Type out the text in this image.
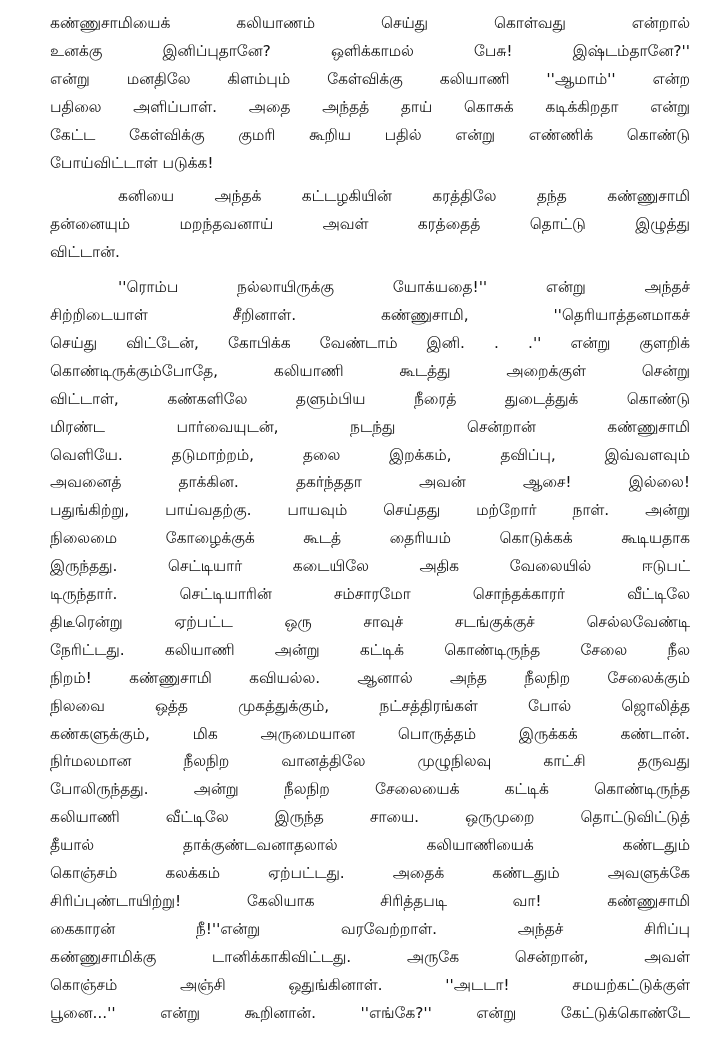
கண்ணுசாமியைக் கலியாணம் செய்து கொள்வது என்றால்
உனக்கு இனிப்புதானே? ஒளிக்காமல் பேசு! இஷ்டம்தானே?''
என்று மனதிலே கிளம்பும் கேள்விக்கு கலியாணி ''ஆமாம்'' என்ற
பதிலை அளிப்பாள். அதை அந்தத் தாய் கொசுக் கடிக்கிறதா என்று
கேட்ட கேள்விக்கு குமரி கூறிய பதில் என்று எண்ணிக் கொண்டு
போய்விட்டாள் படுக்க!
கனியை அந்தக் கட்டழகியின் கரத்திலே தந்த கண்ணுசாமி
தன்னையும் மறந்தவனாய் அவள் கரத்தைத் தொட்டு இழுத்து
விட்டான்.
''ரொம்ப நல்லாயிருக்கு யோக்யதை!'' என்று அந்தச்
சிற்றிடையாள் சீறினாள். கண்ணுசாமி, ''தெரியாத்தனமாகச்
செய்து விட்டேன், கோபிக்க வேண்டாம் இனி. . .'' என்று குளறிக்
கொண்டிருக்கும்போதே, கலியாணி கூடத்து அறைக்குள் சென்று
விட்டாள், கண்களிலே தளும்பிய நீரைத் துடைத்துக் கொண்டு
மிரண்ட பார்வையுடன், நடந்து சென்றான் கண்ணுசாமி
வெளியே. தடுமாற்றம், தலை இறக்கம், தவிப்பு, இவ்வளவும்
அவனைத் தாக்கின. தகர்ந்ததா அவன் ஆசை! இல்லை!
பதுங்கிற்று, பாய்வதற்கு. பாயவும் செய்தது மற்றோர் நாள். அன்று
நிலைமை கோழைக்குக் கூடத் தைரியம் கொடுக்கக் கூடியதாக
இருந்தது. செட்டியார் கடையிலே அதிக வேலையில் ஈடுபட்
டிருந்தார். செட்டியாரின் சம்சாரமோ சொந்தக்காரர் வீட்டிலே
திடீரென்று ஏற்பட்ட ஒரு சாவுச் சடங்குக்குச் செல்லவேண்டி
நேரிட்டது. கலியாணி அன்று கட்டிக் கொண்டிருந்த சேலை நீல
நிறம்! கண்ணுசாமி கவியல்ல. ஆனால் அந்த நீலநிற சேலைக்கும்
நிலவை ஒத்த முகத்துக்கும், நட்சத்திரங்கள் போல் ஜொலித்த
கண்களுக்கும், மிக அருமையான பொருத்தம் இருக்கக் கண்டான்.
நிர்மலமான நீலநிற வானத்திலே முழுநிலவு காட்சி தருவது
போலிருந்தது. அன்று நீலநிற சேலையைக் கட்டிக் கொண்டிருந்த
கலியாணி வீட்டிலே இருந்த சாயை. ஒருமுறை தொட்டுவிட்டுத்
தீயால் தாக்குண்டவனாதலால் கலியாணியைக் கண்டதும்
கொஞ்சம் கலக்கம் ஏற்பட்டது. அதைக் கண்டதும் அவளுக்கே
சிரிப்புண்டாயிற்று! கேலியாக சிரித்தபடி வா! கண்ணுசாமி
கைகாரன் நீ!''என்று வரவேற்றாள். அந்தச் சிரிப்பு
கண்ணுசாமிக்கு டானிக்காகிவிட்டது. அருகே சென்றான், அவள்
கொஞ்சம் அஞ்சி ஒதுங்கினாள். ''அடடா! சமயற்கட்டுக்குள்
பூனை...'' என்று கூறினான். ''எங்கே?'' என்று கேட்டுக்கொண்டே
